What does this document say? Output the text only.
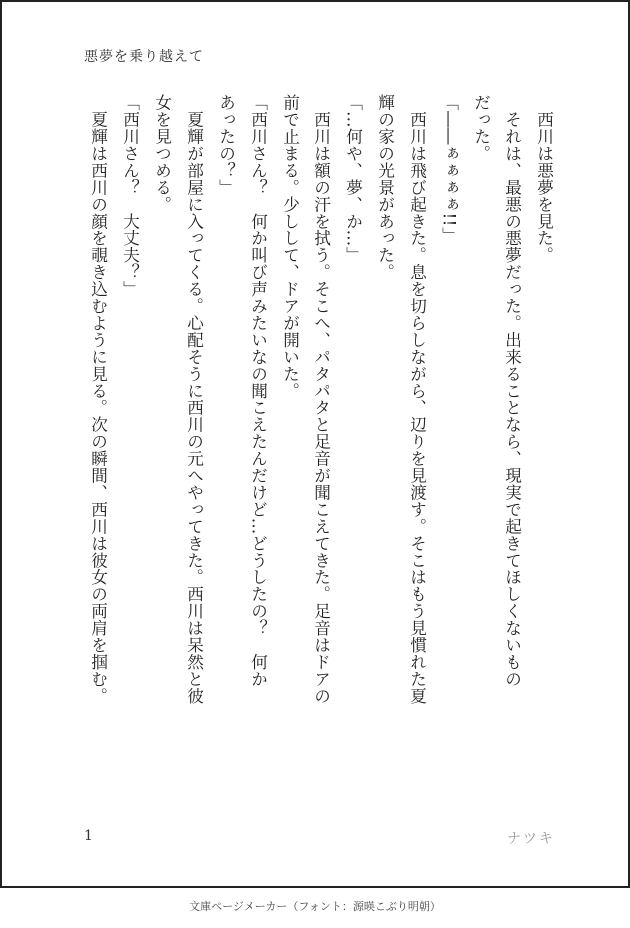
悪夢を乗り越えて
　西川は悪夢を見た。
　それは、最悪の悪夢だった。出来ることなら、現実で起きてほしくないもの
だった。
「――ぁぁぁぁ!!」
　西川は飛び起きた。息を切らしながら、辺りを見渡す。そこはもう見慣れた夏
輝の家の光景があった。
「…何や、夢、か…」
　西川は額の汗を拭う。そこへ、パタパタと足音が聞こえてきた。足音はドアの
前で止まる。少しして、ドアが開いた。
「西川さん？　何か叫び声みたいなの聞こえたんだけど…どうしたの？　何か
あったの？」
　夏輝が部屋に入ってくる。心配そうに西川の元へやってきた。西川は呆然と彼
女を見つめる。
「西川さん？　大丈夫？」
　夏輝は西川の顔を覗き込むように見る。次の瞬間、西川は彼女の両肩を掴む。
1	ナツキ
文庫ページメーカー（フォント：源暎こぶり明朝）
